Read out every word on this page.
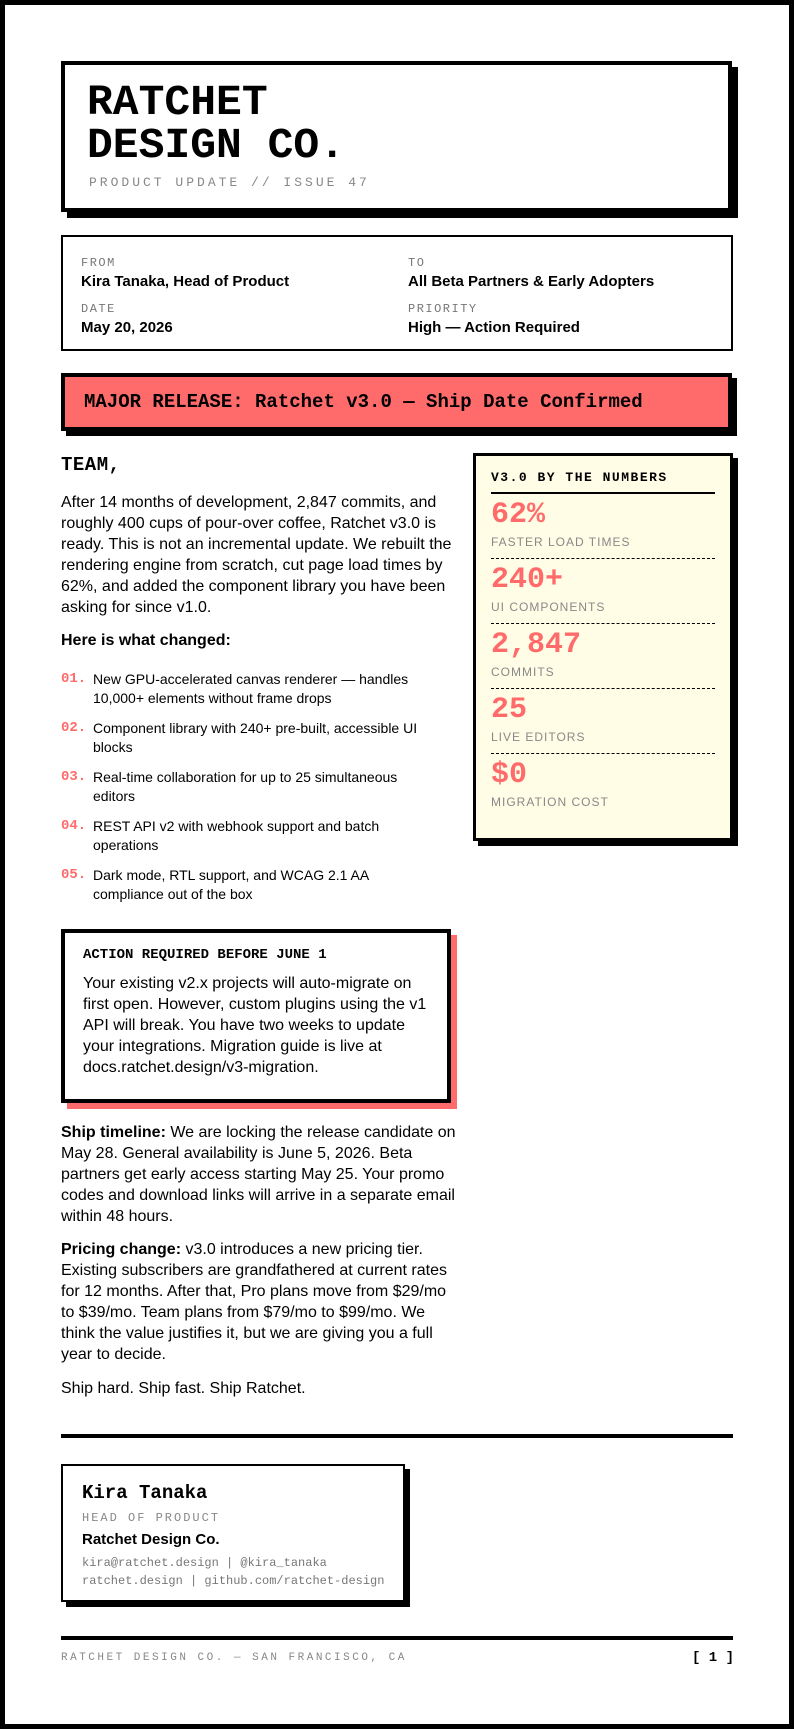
RATCHET
DESIGN CO.
PRODUCT UPDATE // ISSUE 47
FROM
Kira Tanaka, Head of Product
TO
All Beta Partners & Early Adopters
DATE
May 20, 2026
PRIORITY
High — Action Required
MAJOR RELEASE: Ratchet v3.0 — Ship Date Confirmed
TEAM,

After 14 months of development, 2,847 commits, and roughly 400 cups of pour-over coffee, Ratchet v3.0 is ready. This is not an incremental update. We rebuilt the rendering engine from scratch, cut page load times by 62%, and added the component library you have been asking for since v1.0.

Here is what changed:
01. New GPU-accelerated canvas renderer — handles 10,000+ elements without frame drops
02. Component library with 240+ pre-built, accessible UI blocks
03. Real-time collaboration for up to 25 simultaneous editors
04. REST API v2 with webhook support and batch operations
05. Dark mode, RTL support, and WCAG 2.1 AA compliance out of the box
V3.0 BY THE NUMBERS
62%
FASTER LOAD TIMES
240+
UI COMPONENTS
2,847
COMMITS
25
LIVE EDITORS
$0
MIGRATION COST
ACTION REQUIRED BEFORE JUNE 1
Your existing v2.x projects will auto-migrate on first open. However, custom plugins using the v1 API will break. You have two weeks to update your integrations. Migration guide is live at docs.ratchet.design/v3-migration.

Ship timeline: We are locking the release candidate on May 28. General availability is June 5, 2026. Beta partners get early access starting May 25. Your promo codes and download links will arrive in a separate email within 48 hours.

Pricing change: v3.0 introduces a new pricing tier. Existing subscribers are grandfathered at current rates for 12 months. After that, Pro plans move from $29/mo to $39/mo. Team plans from $79/mo to $99/mo. We think the value justifies it, but we are giving you a full year to decide.

Ship hard. Ship fast. Ship Ratchet.

Kira Tanaka
HEAD OF PRODUCT
Ratchet Design Co.
kira@ratchet.design | @kira_tanaka
ratchet.design | github.com/ratchet-design
RATCHET DESIGN CO. — SAN FRANCISCO, CA	[ 1 ]
